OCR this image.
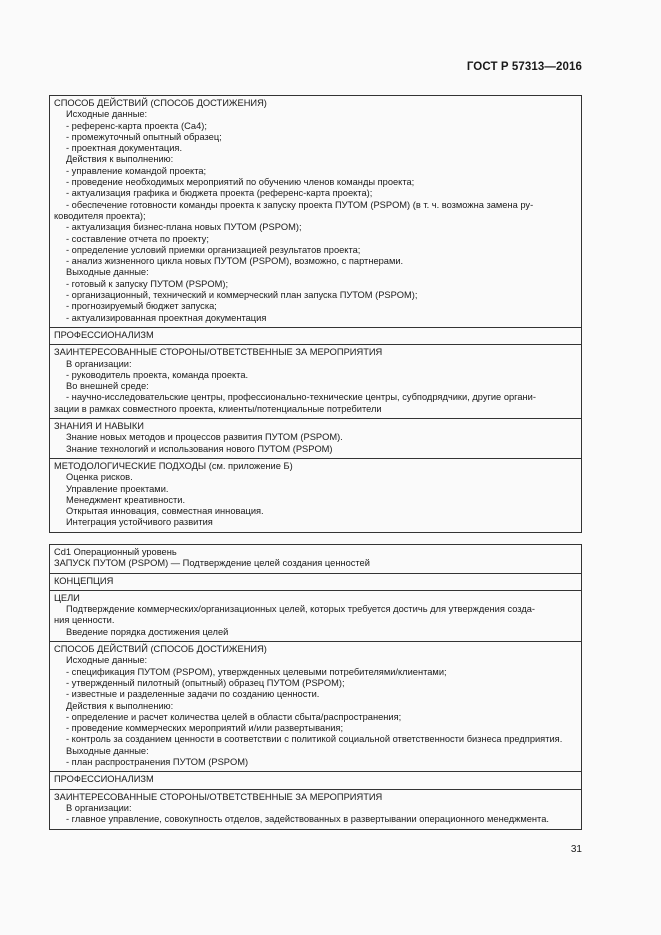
ГОСТ Р 57313—2016
СПОСОБ ДЕЙСТВИЙ (СПОСОБ ДОСТИЖЕНИЯ)
Исходные данные:
- референс-карта проекта (Са4);
- промежуточный опытный образец;
- проектная документация.
Действия к выполнению:
- управление командой проекта;
- проведение необходимых мероприятий по обучению членов команды проекта;
- актуализация графика и бюджета проекта (референс-карта проекта);
- обеспечение готовности команды проекта к запуску проекта ПУТОМ (PSPOM) (в т. ч. возможна замена ру-
ководителя проекта);
- актуализация бизнес-плана новых ПУТОМ (PSPOM);
- составление отчета по проекту;
- определение условий приемки организацией результатов проекта;
- анализ жизненного цикла новых ПУТОМ (PSPOM), возможно, с партнерами.
Выходные данные:
- готовый к запуску ПУТОМ (PSPOM);
- организационный, технический и коммерческий план запуска ПУТОМ (PSPOM);
- прогнозируемый бюджет запуска;
- актуализированная проектная документация
ПРОФЕССИОНАЛИЗМ
ЗАИНТЕРЕСОВАННЫЕ СТОРОНЫ/ОТВЕТСТВЕННЫЕ ЗА МЕРОПРИЯТИЯ
В организации:
- руководитель проекта, команда проекта.
Во внешней среде:
- научно-исследовательские центры, профессионально-технические центры, субподрядчики, другие органи-
зации в рамках совместного проекта, клиенты/потенциальные потребители
ЗНАНИЯ И НАВЫКИ
Знание новых методов и процессов развития ПУТОМ (PSPOM).
Знание технологий и использования нового ПУТОМ (PSPOM)
МЕТОДОЛОГИЧЕСКИЕ ПОДХОДЫ (см. приложение Б)
Оценка рисков.
Управление проектами.
Менеджмент креативности.
Открытая инновация, совместная инновация.
Интеграция устойчивого развития
Cd1 Операционный уровень
ЗАПУСК ПУТОМ (PSPOM) — Подтверждение целей создания ценностей
КОНЦЕПЦИЯ
ЦЕЛИ
Подтверждение коммерческих/организационных целей, которых требуется достичь для утверждения созда-
ния ценности.
Введение порядка достижения целей
СПОСОБ ДЕЙСТВИЙ (СПОСОБ ДОСТИЖЕНИЯ)
Исходные данные:
- спецификация ПУТОМ (PSPOM), утвержденных целевыми потребителями/клиентами;
- утвержденный пилотный (опытный) образец ПУТОМ (PSPOM);
- известные и разделенные задачи по созданию ценности.
Действия к выполнению:
- определение и расчет количества целей в области сбыта/распространения;
- проведение коммерческих мероприятий и/или развертывания;
- контроль за созданием ценности в соответствии с политикой социальной ответственности бизнеса предприятия.
Выходные данные:
- план распространения ПУТОМ (PSPOM)
ПРОФЕССИОНАЛИЗМ
ЗАИНТЕРЕСОВАННЫЕ СТОРОНЫ/ОТВЕТСТВЕННЫЕ ЗА МЕРОПРИЯТИЯ
В организации:
- главное управление, совокупность отделов, задействованных в развертывании операционного менеджмента.
31
